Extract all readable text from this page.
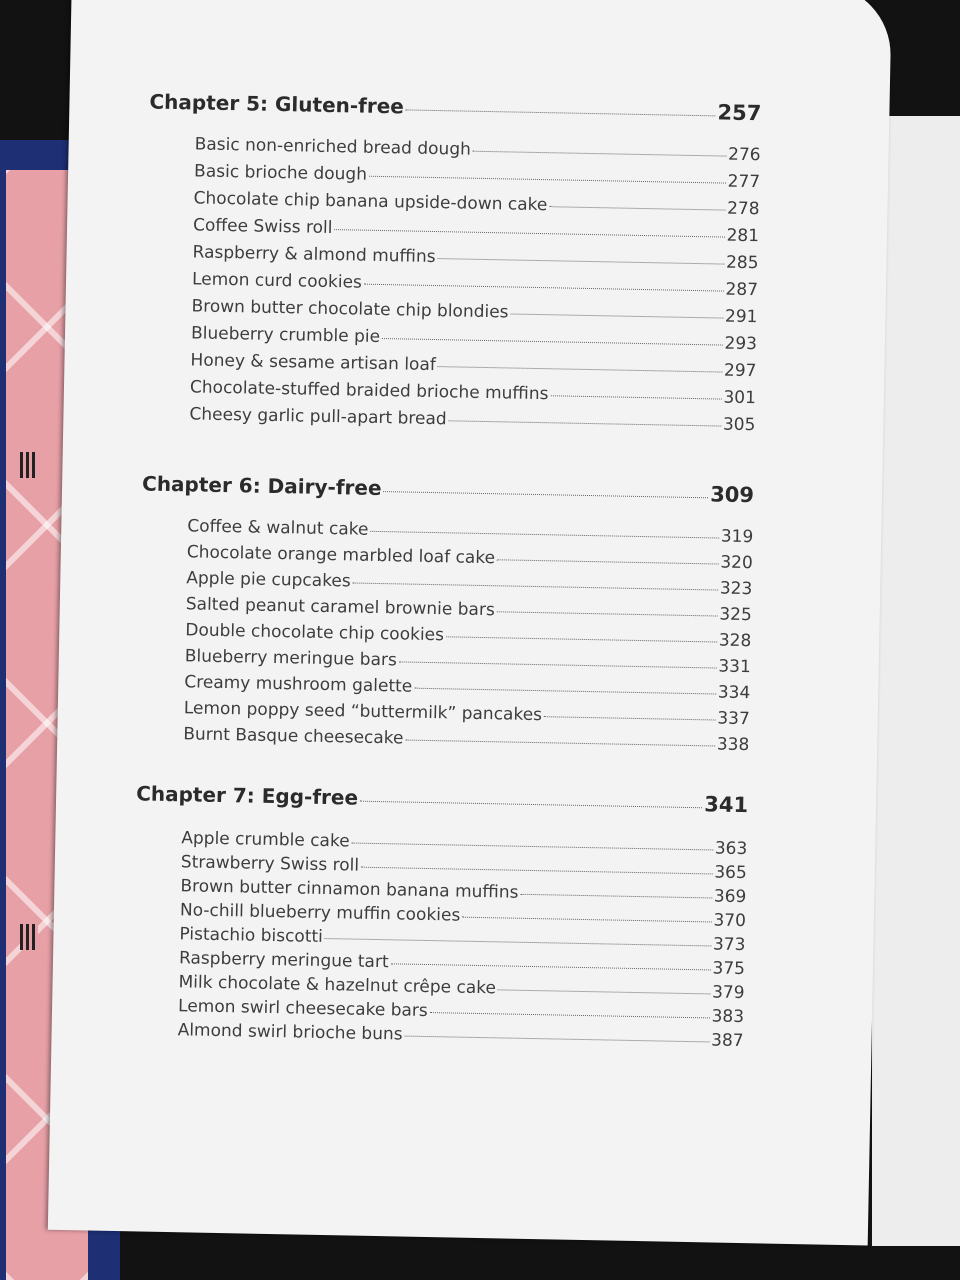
Chapter 5: Gluten-free	257
Basic non-enriched bread dough	276
Basic brioche dough	277
Chocolate chip banana upside-down cake	278
Coffee Swiss roll	281
Raspberry & almond muffins	285
Lemon curd cookies	287
Brown butter chocolate chip blondies	291
Blueberry crumble pie	293
Honey & sesame artisan loaf	297
Chocolate-stuffed braided brioche muffins	301
Cheesy garlic pull-apart bread	305
Chapter 6: Dairy-free	309
Coffee & walnut cake	319
Chocolate orange marbled loaf cake	320
Apple pie cupcakes	323
Salted peanut caramel brownie bars	325
Double chocolate chip cookies	328
Blueberry meringue bars	331
Creamy mushroom galette	334
Lemon poppy seed “buttermilk” pancakes	337
Burnt Basque cheesecake	338
Chapter 7: Egg-free	341
Apple crumble cake	363
Strawberry Swiss roll	365
Brown butter cinnamon banana muffins	369
No-chill blueberry muffin cookies	370
Pistachio biscotti	373
Raspberry meringue tart	375
Milk chocolate & hazelnut crêpe cake	379
Lemon swirl cheesecake bars	383
Almond swirl brioche buns	387
